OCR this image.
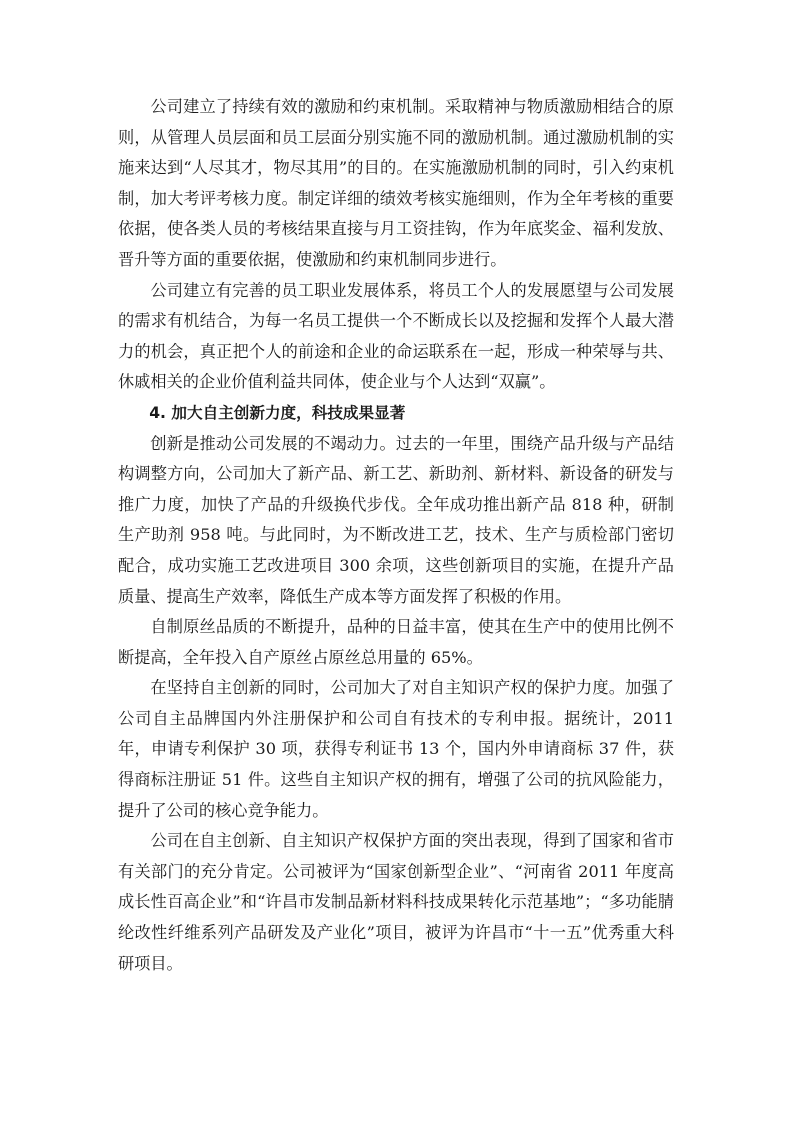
公司建立了持续有效的激励和约束机制。采取精神与物质激励相结合的原则，从管理人员层面和员工层面分别实施不同的激励机制。通过激励机制的实施来达到“人尽其才，物尽其用”的目的。在实施激励机制的同时，引入约束机制，加大考评考核力度。制定详细的绩效考核实施细则，作为全年考核的重要依据，使各类人员的考核结果直接与月工资挂钩，作为年底奖金、福利发放、晋升等方面的重要依据，使激励和约束机制同步进行。

公司建立有完善的员工职业发展体系，将员工个人的发展愿望与公司发展的需求有机结合，为每一名员工提供一个不断成长以及挖掘和发挥个人最大潜力的机会，真正把个人的前途和企业的命运联系在一起，形成一种荣辱与共、休戚相关的企业价值利益共同体，使企业与个人达到“双赢”。

4. 加大自主创新力度，科技成果显著

创新是推动公司发展的不竭动力。过去的一年里，围绕产品升级与产品结构调整方向，公司加大了新产品、新工艺、新助剂、新材料、新设备的研发与推广力度，加快了产品的升级换代步伐。全年成功推出新产品 818 种，研制生产助剂 958 吨。与此同时，为不断改进工艺，技术、生产与质检部门密切配合，成功实施工艺改进项目 300 余项，这些创新项目的实施，在提升产品质量、提高生产效率，降低生产成本等方面发挥了积极的作用。

自制原丝品质的不断提升，品种的日益丰富，使其在生产中的使用比例不断提高，全年投入自产原丝占原丝总用量的 65%。

在坚持自主创新的同时，公司加大了对自主知识产权的保护力度。加强了公司自主品牌国内外注册保护和公司自有技术的专利申报。据统计，2011 年，申请专利保护 30 项，获得专利证书 13 个，国内外申请商标 37 件，获得商标注册证 51 件。这些自主知识产权的拥有，增强了公司的抗风险能力，提升了公司的核心竞争能力。

公司在自主创新、自主知识产权保护方面的突出表现，得到了国家和省市有关部门的充分肯定。公司被评为“国家创新型企业”、“河南省 2011 年度高成长性百高企业”和“许昌市发制品新材料科技成果转化示范基地”；“多功能腈纶改性纤维系列产品研发及产业化”项目，被评为许昌市“十一五”优秀重大科研项目。
